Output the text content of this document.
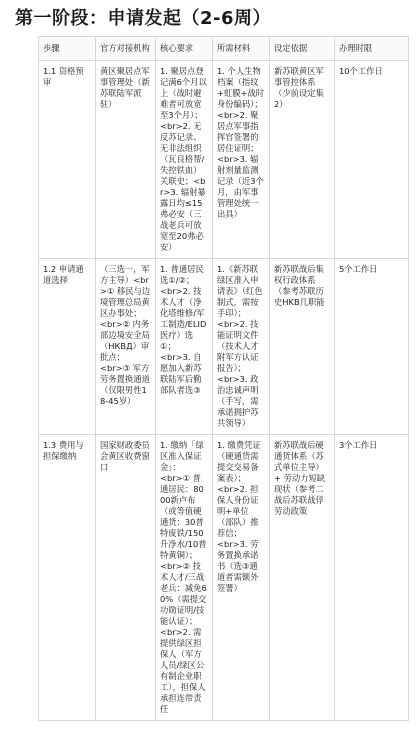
第一阶段：申请发起（2-6周）
步骤	官方对接机构	核心要求	所需材料	设定依据	办理时限
1.1 资格预审	黄区聚居点军事管理处（新苏联陆军派驻）	1. 聚居点登记满6个月以上（战时避难者可放宽至3个月）；
<br>2. 无反苏记录、无非法组织（瓦良格帮/失控铁血）关联史；<br>3. 辐射暴露日均≤15弗必安（三战老兵可放宽至20弗必安）	1. 个人生物档案（指纹+虹膜+战时身份编码）；
<br>2. 聚居点军事指挥官签署的居住证明；
<br>3. 辐射剂量监测记录（近3个月，由军事管理处统一出具）	新苏联黄区军事管控体系（少前设定集2）	10个工作日
1.2 申请通道选择	（三选一，军方主导）<br>① 移民与边境管理总局黄区办事处；
<br>② 内务部边境安全局（НКВД）审批点；
<br>③ 军方劳务置换通道（仅限男性18-45岁）	1. 普通居民选①/②；
<br>2. 技术人才（净化塔维修/军工制造/ELID医疗）选①；
<br>3. 自愿加入新苏联陆军后勤部队者选③	1.《新苏联绿区准入申请表》（红色制式，需按手印）；
<br>2. 技能证明文件（技术人才附军方认证报告）；
<br>3. 政治忠诚声明（手写，需承诺拥护苏共领导）	新苏联战后集权行政体系（参考苏联历史HKB几职能	5个工作日
1.3 费用与担保缴纳	国家财政委员会黄区收费窗口	1. 缴纳「绿区准入保证金」：
<br>① 普通居民：8000新卢布（或等值硬通货：30普特废铁/150升净水/10普特黄铜）；
<br>② 技术人才/三战老兵：减免60%（需提交功勋证明/技能认证）；
<br>2. 需提供绿区担保人（军方人员/绿区公有制企业职工），担保人承担连带责任	1. 缴费凭证（硬通货需提交交易备案表）；
<br>2. 担保人身份证明+单位（部队）推荐信；
<br>3. 劳务置换承诺书（选③通道者需额外签署）	新苏联战后硬通货体系（苏式单位主导）+ 劳动力短缺现状（参考二战后苏联战俘劳动政策	3个工作日
